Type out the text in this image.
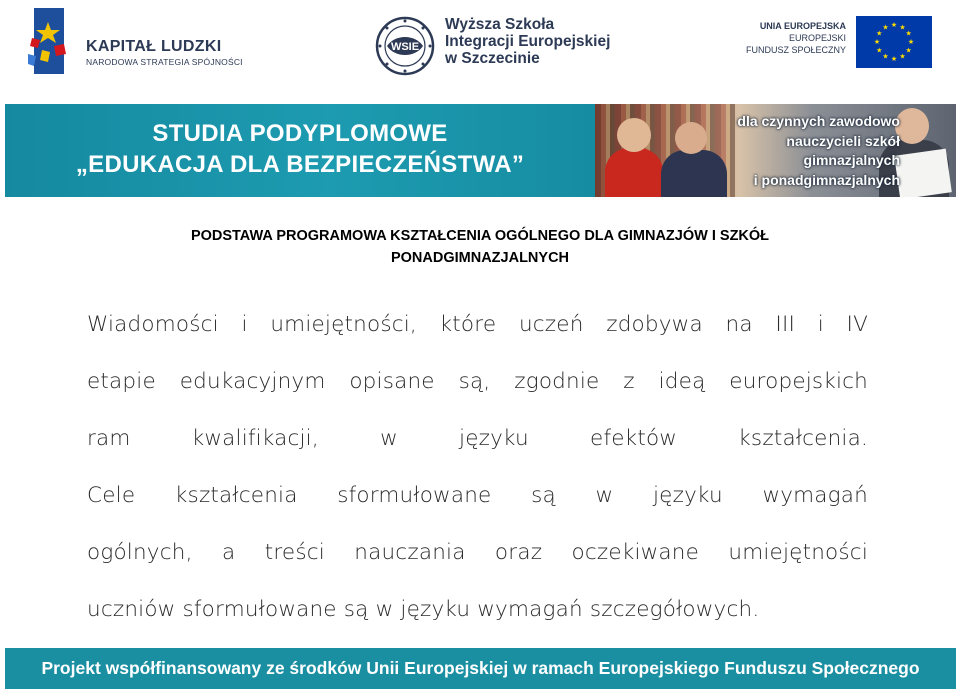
KAPITAŁ LUDZKI
NARODOWA STRATEGIA SPÓJNOŚCI
WSIE
Wyższa Szkoła
Integracji Europejskiej
w Szczecinie
UNIA EUROPEJSKA
EUROPEJSKI
FUNDUSZ SPOŁECZNY
★ ★
★
★
★
★
★
★
★
★
★
★
STUDIA PODYPLOMOWE
„EDUKACJA DLA BEZPIECZEŃSTWA”
dla czynnych zawodowo
nauczycieli szkół
gimnazjalnych
i ponadgimnazjalnych
PODSTAWA PROGRAMOWA KSZTAŁCENIA OGÓLNEGO DLA GIMNAZJÓW I SZKÓŁ
PONADGIMNAZJALNYCH
Wiadomości i umiejętności, które uczeń zdobywa na III i IV
etapie edukacyjnym opisane są, zgodnie z ideą europejskich
ram kwalifikacji, w języku efektów kształcenia.
Cele kształcenia sformułowane są w języku wymagań
ogólnych, a treści nauczania oraz oczekiwane umiejętności
uczniów sformułowane są w języku wymagań szczegółowych.
Projekt współfinansowany ze środków Unii Europejskiej w ramach Europejskiego Funduszu Społecznego
